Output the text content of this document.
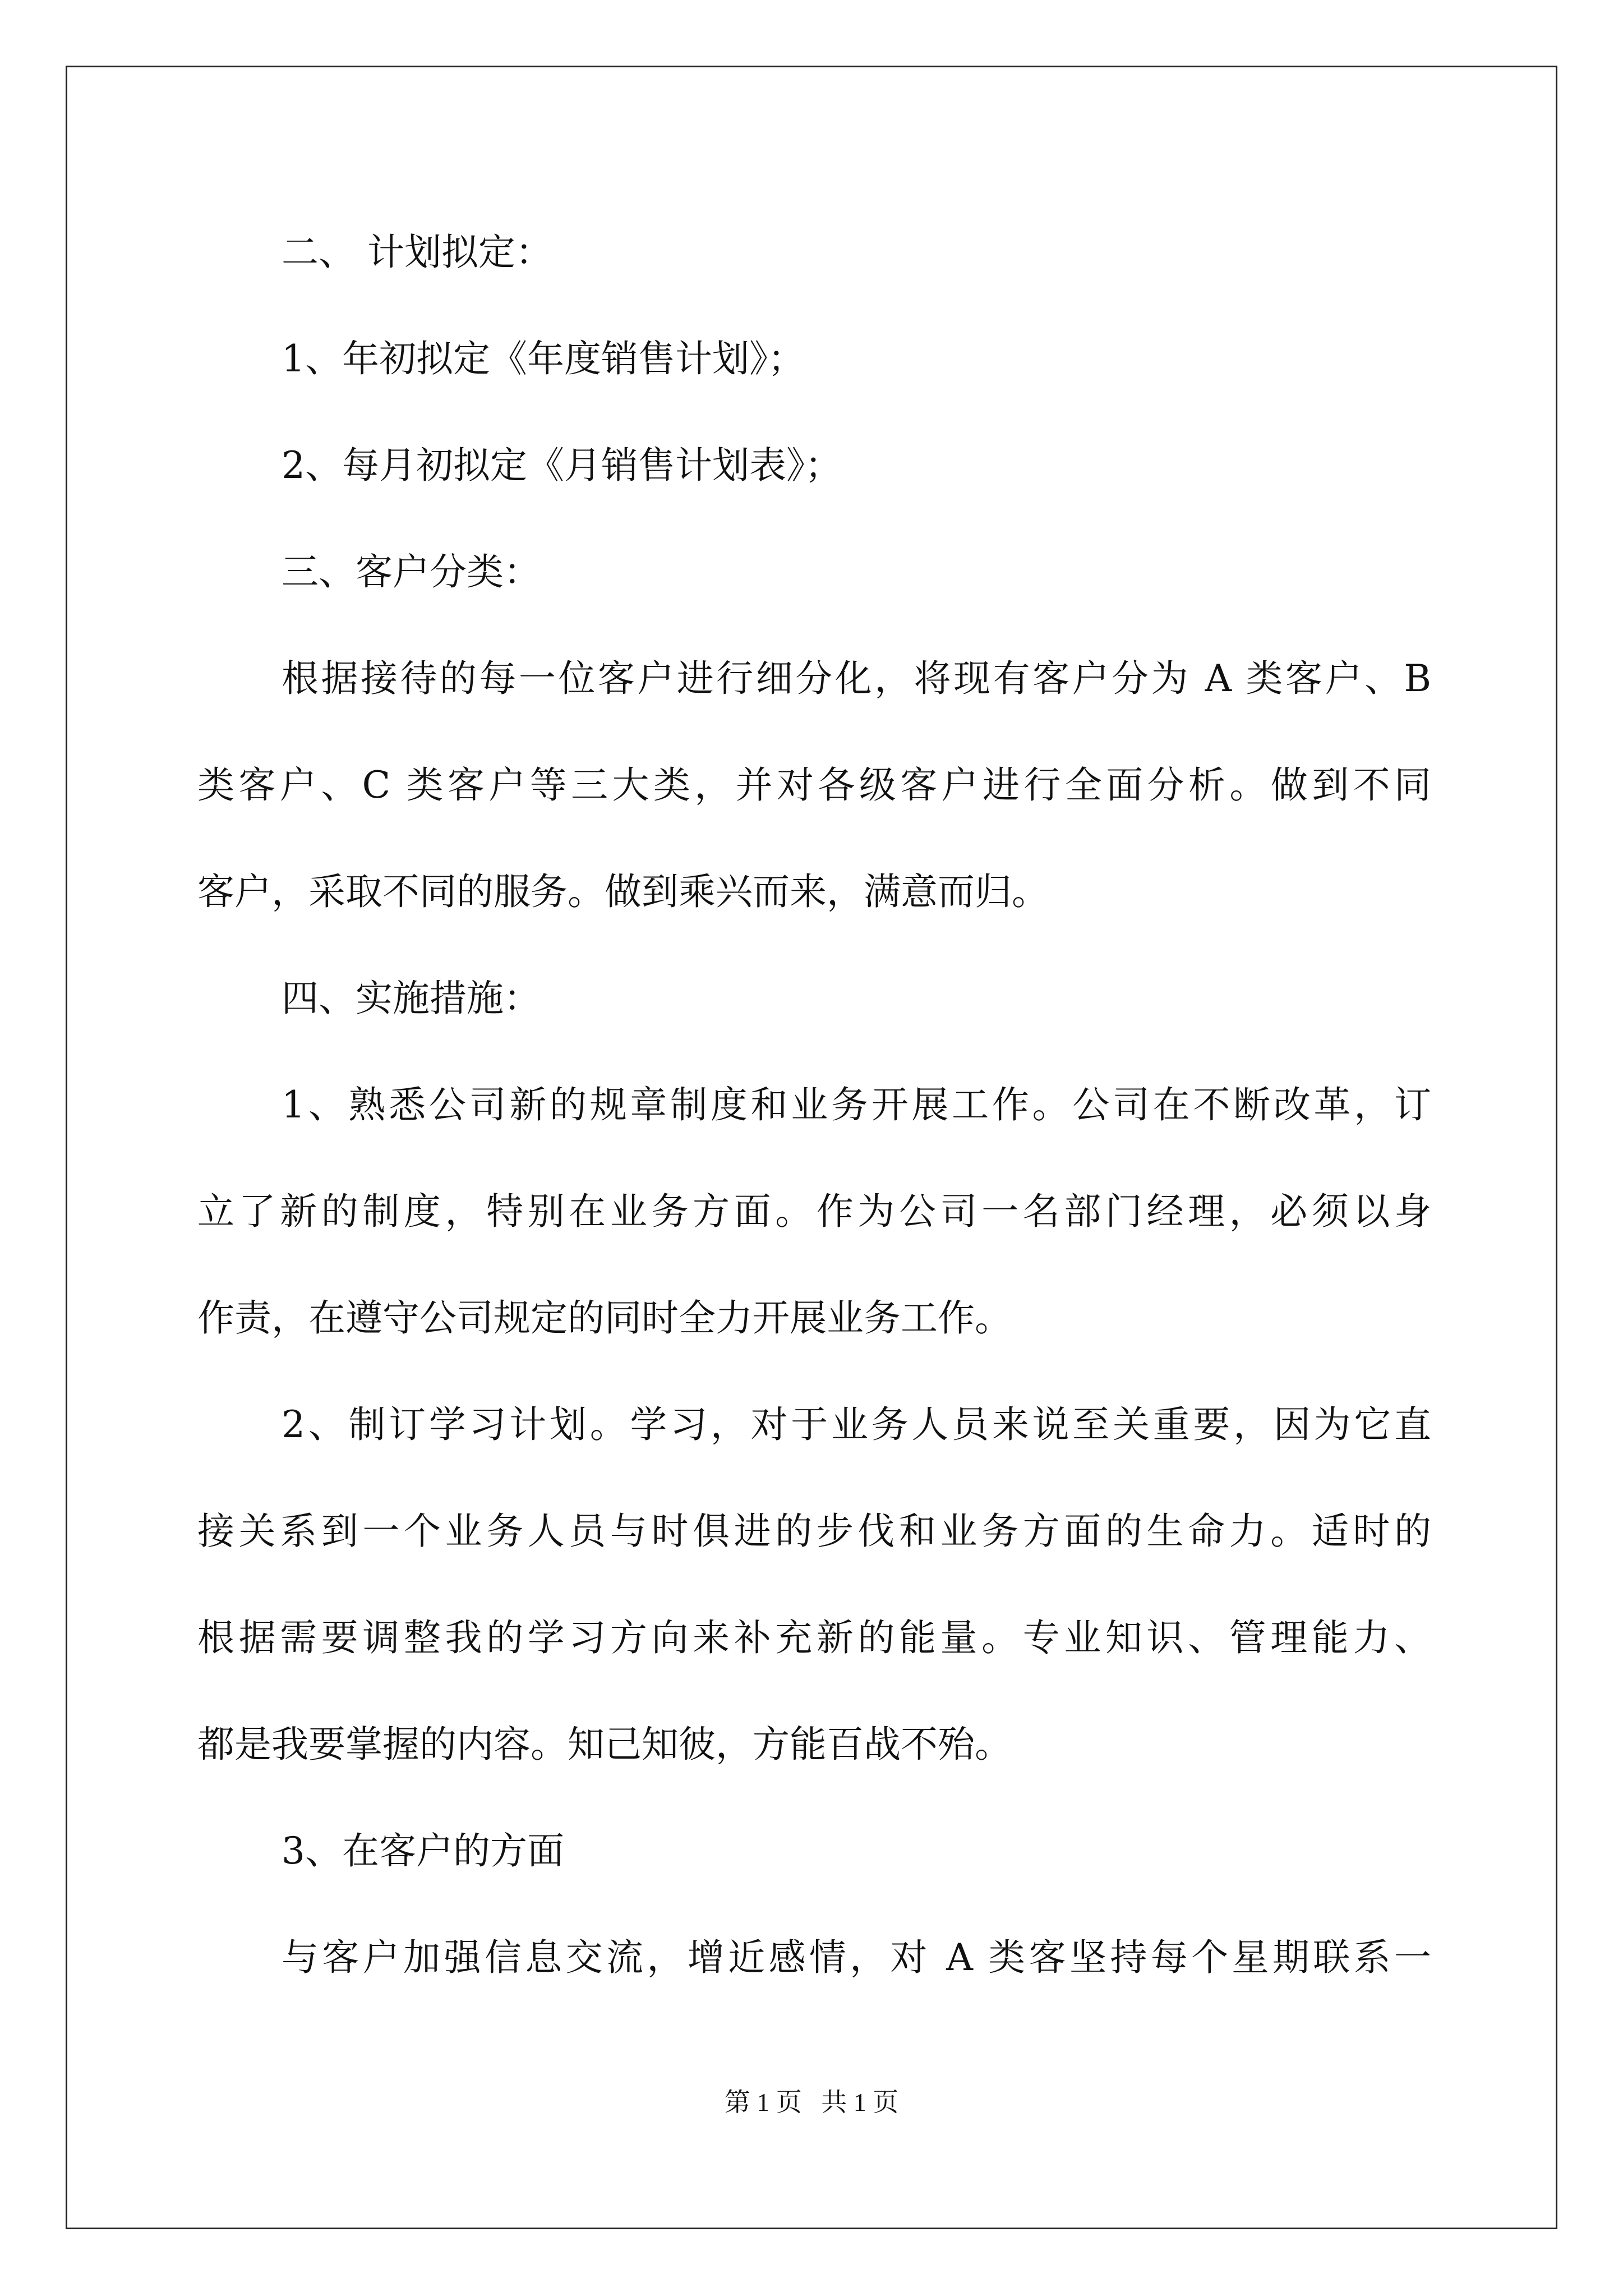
二、 计划拟定：
1、年初拟定《年度销售计划》；
2、每月初拟定《月销售计划表》；
三、客户分类：
根据接待的每一位客户进行细分化，将现有客户分为 A 类客户、B
类客户、C 类客户等三大类，并对各级客户进行全面分析。做到不同
客户，采取不同的服务。做到乘兴而来，满意而归。
四、实施措施：
1、熟悉公司新的规章制度和业务开展工作。公司在不断改革，订
立了新的制度，特别在业务方面。作为公司一名部门经理，必须以身
作责，在遵守公司规定的同时全力开展业务工作。
2、制订学习计划。学习，对于业务人员来说至关重要，因为它直
接关系到一个业务人员与时俱进的步伐和业务方面的生命力。适时的
根据需要调整我的学习方向来补充新的能量。专业知识、管理能力、
都是我要掌握的内容。知己知彼，方能百战不殆。
3、在客户的方面
与客户加强信息交流，增近感情，对 A 类客坚持每个星期联系一
第 1 页   共 1 页
